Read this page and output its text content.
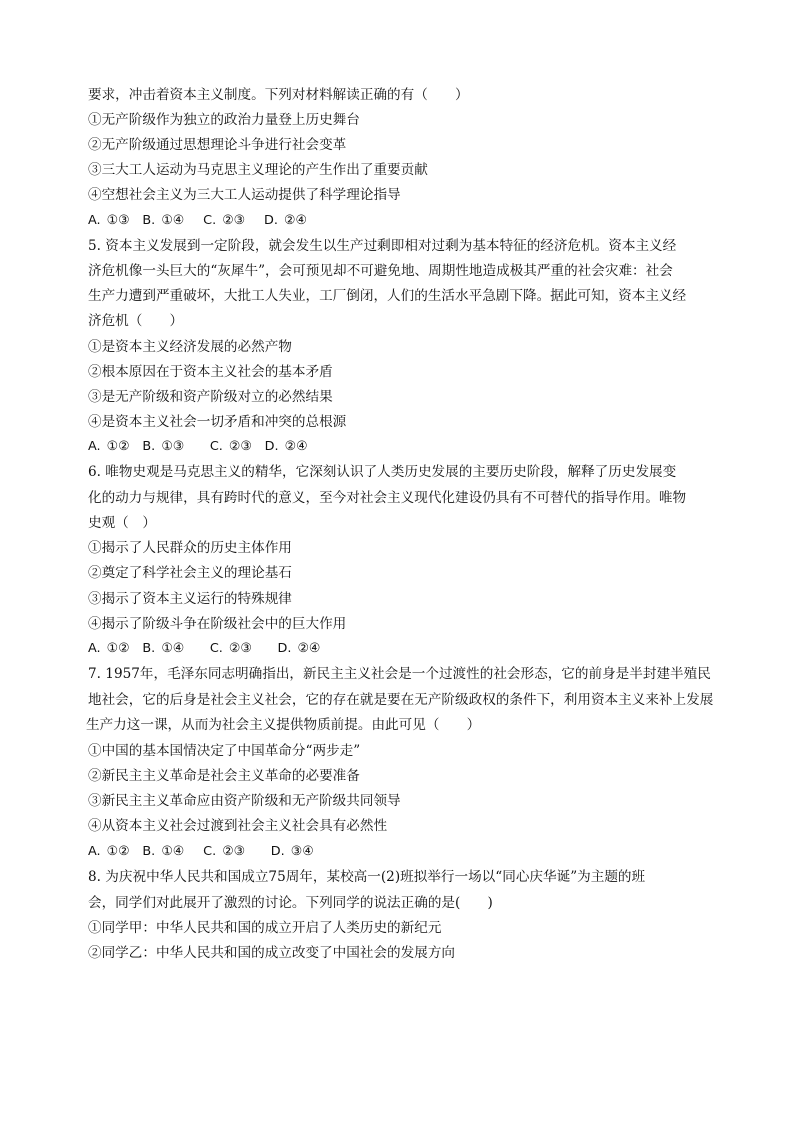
要求，冲击着资本主义制度。下列对材料解读正确的有（　　）
①无产阶级作为独立的政治力量登上历史舞台
②无产阶级通过思想理论斗争进行社会变革
③三大工人运动为马克思主义理论的产生作出了重要贡献
④空想社会主义为三大工人运动提供了科学理论指导
A. ①③　B. ①④　 C. ②③　 D. ②④
5. 资本主义发展到一定阶段，就会发生以生产过剩即相对过剩为基本特征的经济危机。资本主义经
济危机像一头巨大的“灰犀牛”，会可预见却不可避免地、周期性地造成极其严重的社会灾难：社会
生产力遭到严重破坏，大批工人失业，工厂倒闭，人们的生活水平急剧下降。据此可知，资本主义经
济危机（　　）
①是资本主义经济发展的必然产物
②根本原因在于资本主义社会的基本矛盾
③是无产阶级和资产阶级对立的必然结果
④是资本主义社会一切矛盾和冲突的总根源
A. ①②　B. ①③　　C. ②③　D. ②④
6. 唯物史观是马克思主义的精华，它深刻认识了人类历史发展的主要历史阶段，解释了历史发展变
化的动力与规律，具有跨时代的意义，至今对社会主义现代化建设仍具有不可替代的指导作用。唯物
史观（　）
①揭示了人民群众的历史主体作用
②奠定了科学社会主义的理论基石
③揭示了资本主义运行的特殊规律
④揭示了阶级斗争在阶级社会中的巨大作用
A. ①②　B. ①④　　C. ②③　　D. ②④
7. 1957年，毛泽东同志明确指出，新民主主义社会是一个过渡性的社会形态，它的前身是半封建半殖民
地社会，它的后身是社会主义社会，它的存在就是要在无产阶级政权的条件下，利用资本主义来补上发展
生产力这一课，从而为社会主义提供物质前提。由此可见（　　）
①中国的基本国情决定了中国革命分“两步走”
②新民主主义革命是社会主义革命的必要准备
③新民主主义革命应由资产阶级和无产阶级共同领导
④从资本主义社会过渡到社会主义社会具有必然性
A. ①②　B. ①④　 C. ②③　　D. ③④
8. 为庆祝中华人民共和国成立75周年，某校高一(2)班拟举行一场以“同心庆华诞”为主题的班
会，同学们对此展开了激烈的讨论。下列同学的说法正确的是(　　)
①同学甲：中华人民共和国的成立开启了人类历史的新纪元
②同学乙：中华人民共和国的成立改变了中国社会的发展方向
